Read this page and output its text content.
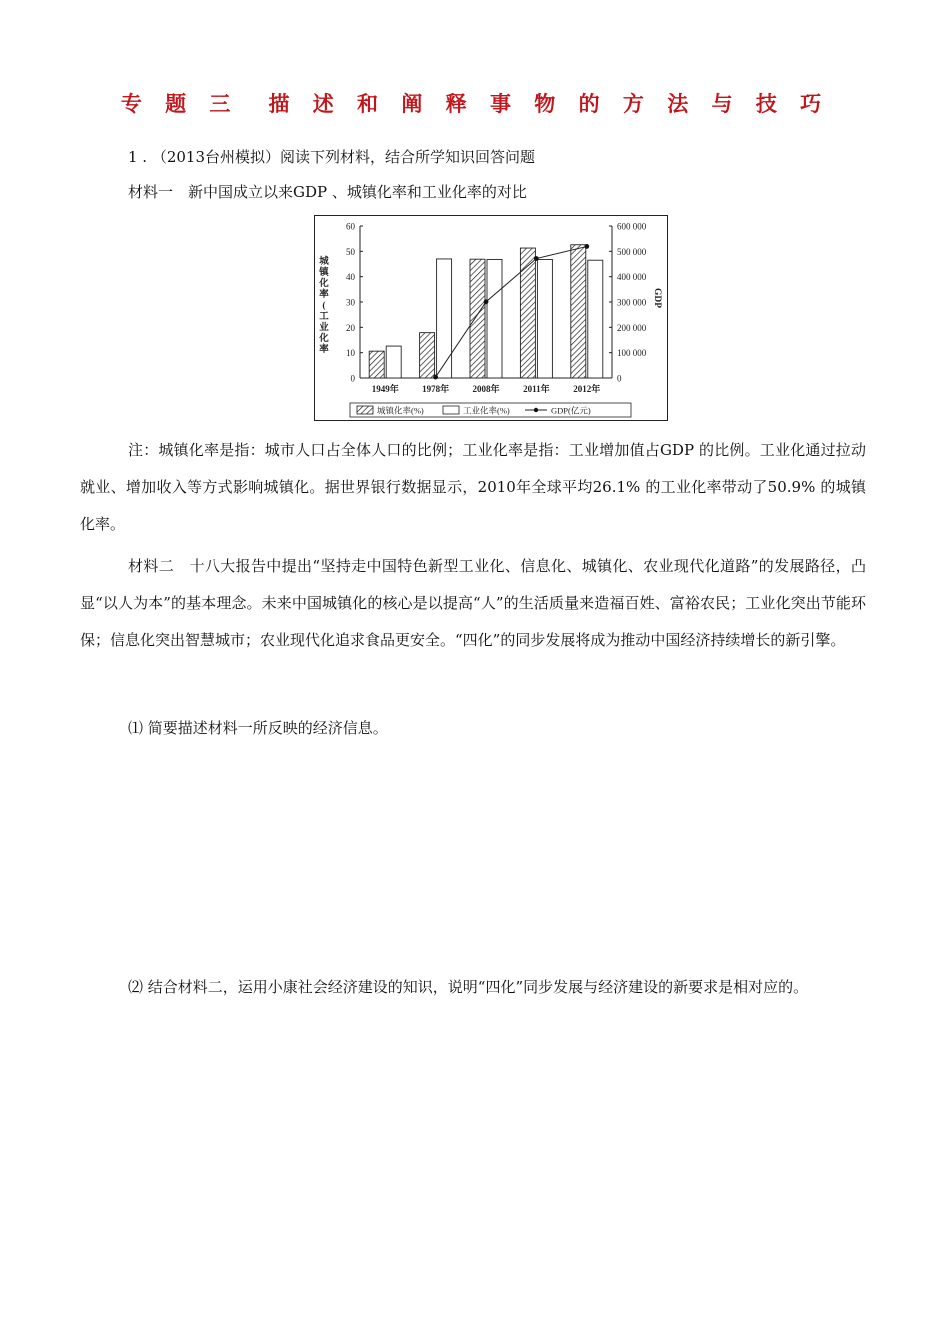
专 题 三 描 述 和 阐 释 事 物 的 方 法 与 技 巧
1 . （2013台州模拟）阅读下列材料，结合所学知识回答问题
材料一　新中国成立以来GDP 、城镇化率和工业化率的对比
0
10
20
30
40
50
60
0
100 000
200 000
300 000
400 000
500 000
600 000
城
镇
化
率
(
工
业
化
率
GDP
1949年	1978年	2008年	2011年	2012年
城镇化率(%)	工业化率(%)	GDP(亿元)
注：城镇化率是指：城市人口占全体人口的比例；工业化率是指：工业增加值占GDP 的比例。工业化通过拉动就业、增加收入等方式影响城镇化。据世界银行数据显示，2010年全球平均26.1% 的工业化率带动了50.9% 的城镇化率。
材料二　十八大报告中提出“坚持走中国特色新型工业化、信息化、城镇化、农业现代化道路”的发展路径，凸显“以人为本”的基本理念。未来中国城镇化的核心是以提高“人”的生活质量来造福百姓、富裕农民；工业化突出节能环保；信息化突出智慧城市；农业现代化追求食品更安全。“四化”的同步发展将成为推动中国经济持续增长的新引擎。
⑴ 简要描述材料一所反映的经济信息。
⑵ 结合材料二，运用小康社会经济建设的知识，说明“四化”同步发展与经济建设的新要求是相对应的。
